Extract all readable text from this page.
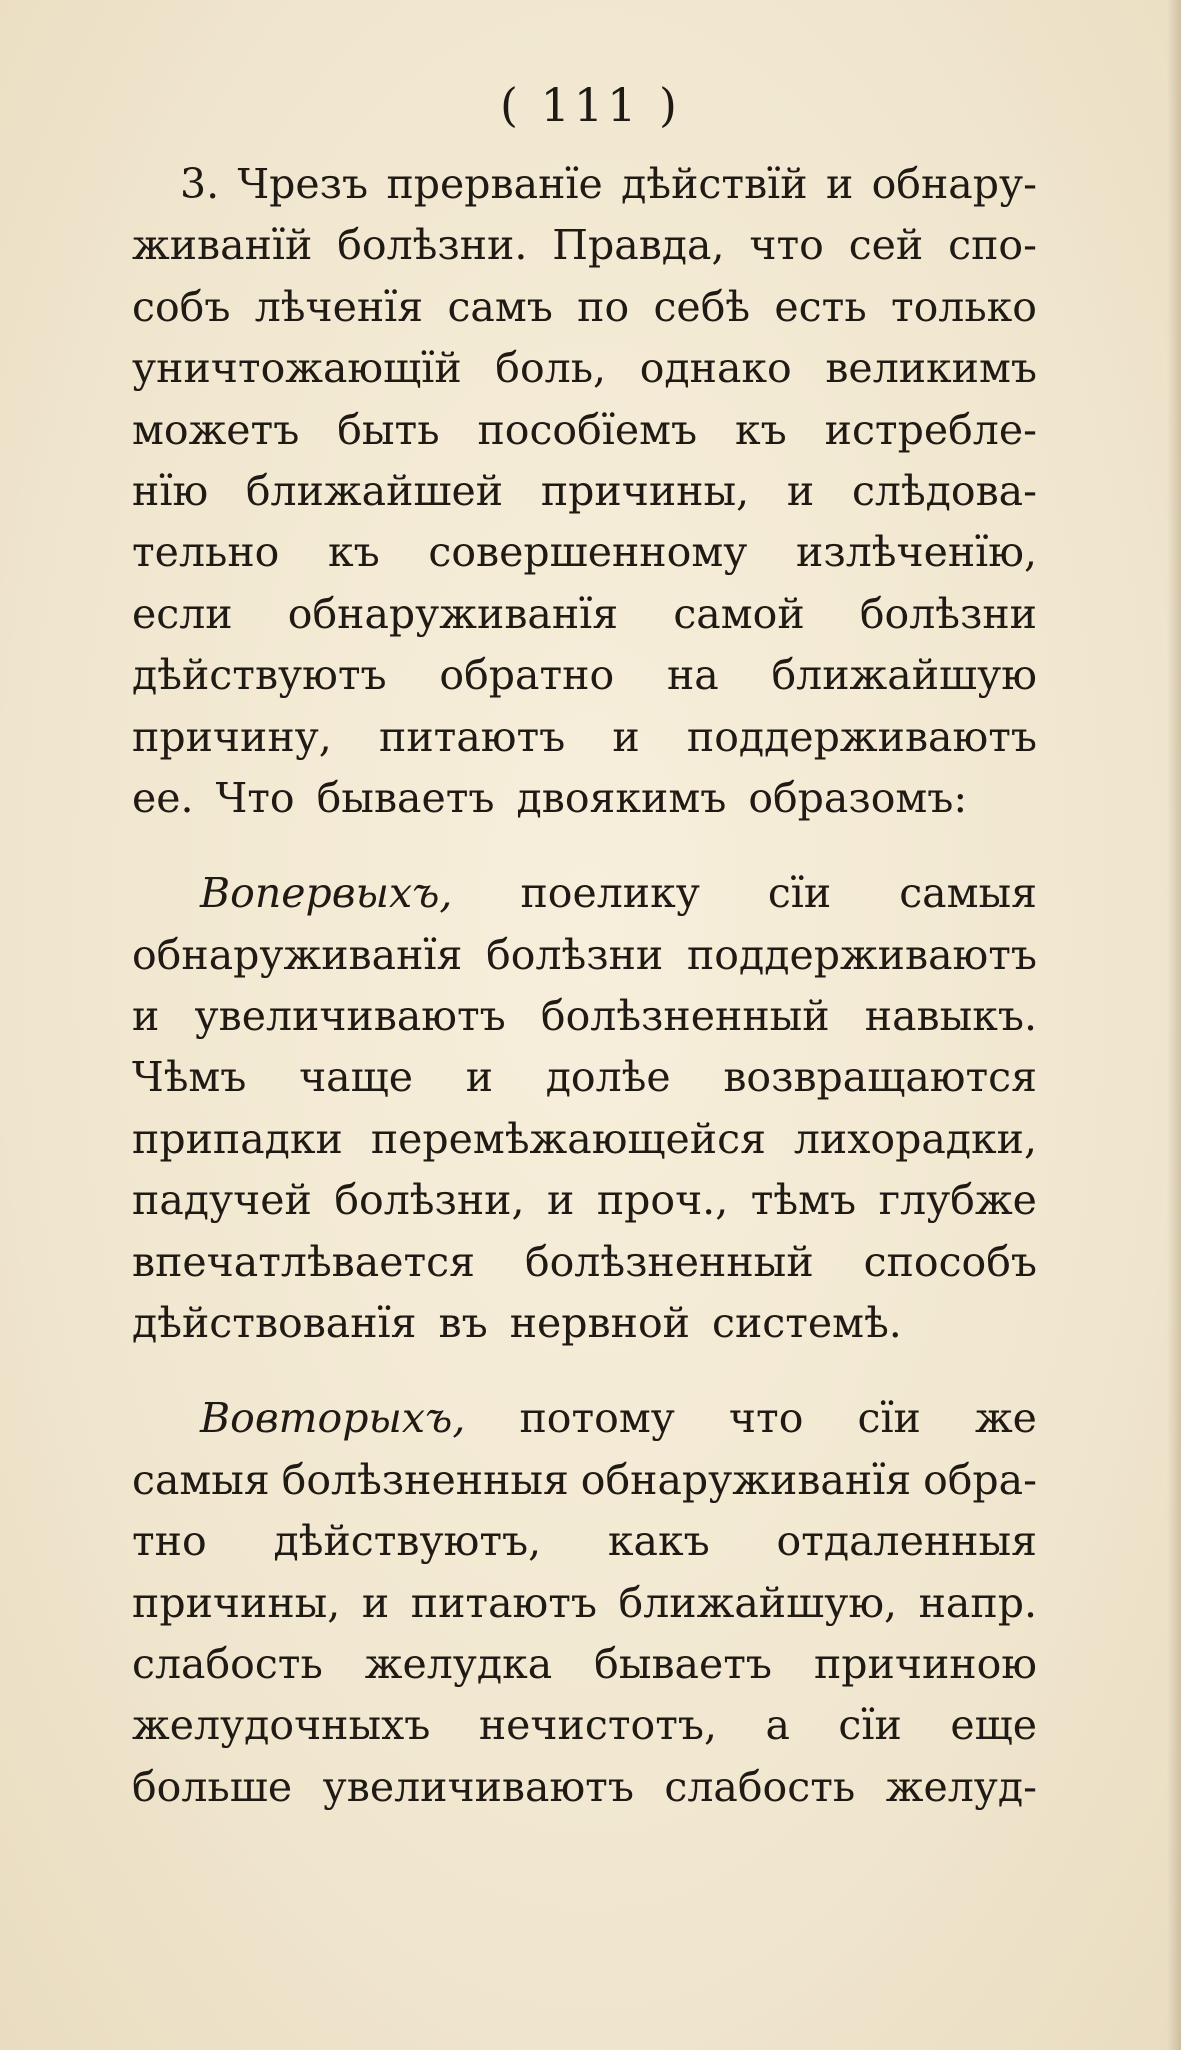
( 111 )
3. Чрезъ прерванїе дѣйствїй и обнару-
живанїй болѣзни. Правда, что сей спо-
собъ лѣченїя самъ по себѣ есть только
уничтожающїй боль, однако великимъ
можетъ быть пособїемъ къ истребле-
нїю ближайшей причины, и слѣдова-
тельно къ совершенному излѣченїю,
если обнаруживанїя самой болѣзни
дѣйствуютъ обратно на ближайшую
причину, питаютъ и поддерживаютъ
ее. Что бываетъ двоякимъ образомъ:
Вопервыхъ, поелику сїи самыя
обнаруживанїя болѣзни поддерживаютъ
и увеличиваютъ болѣзненный навыкъ.
Чѣмъ чаще и долѣе возвращаются
припадки перемѣжающейся лихорадки,
падучей болѣзни, и проч., тѣмъ глубже
впечатлѣвается болѣзненный способъ
дѣйствованїя въ нервной системѣ.
Вовторыхъ, потому что сїи же
самыя болѣзненныя обнаруживанїя обра-
тно дѣйствуютъ, какъ отдаленныя
причины, и питаютъ ближайшую, напр.
слабость желудка бываетъ причиною
желудочныхъ нечистотъ, а сїи еще
больше увеличиваютъ слабость желуд-
